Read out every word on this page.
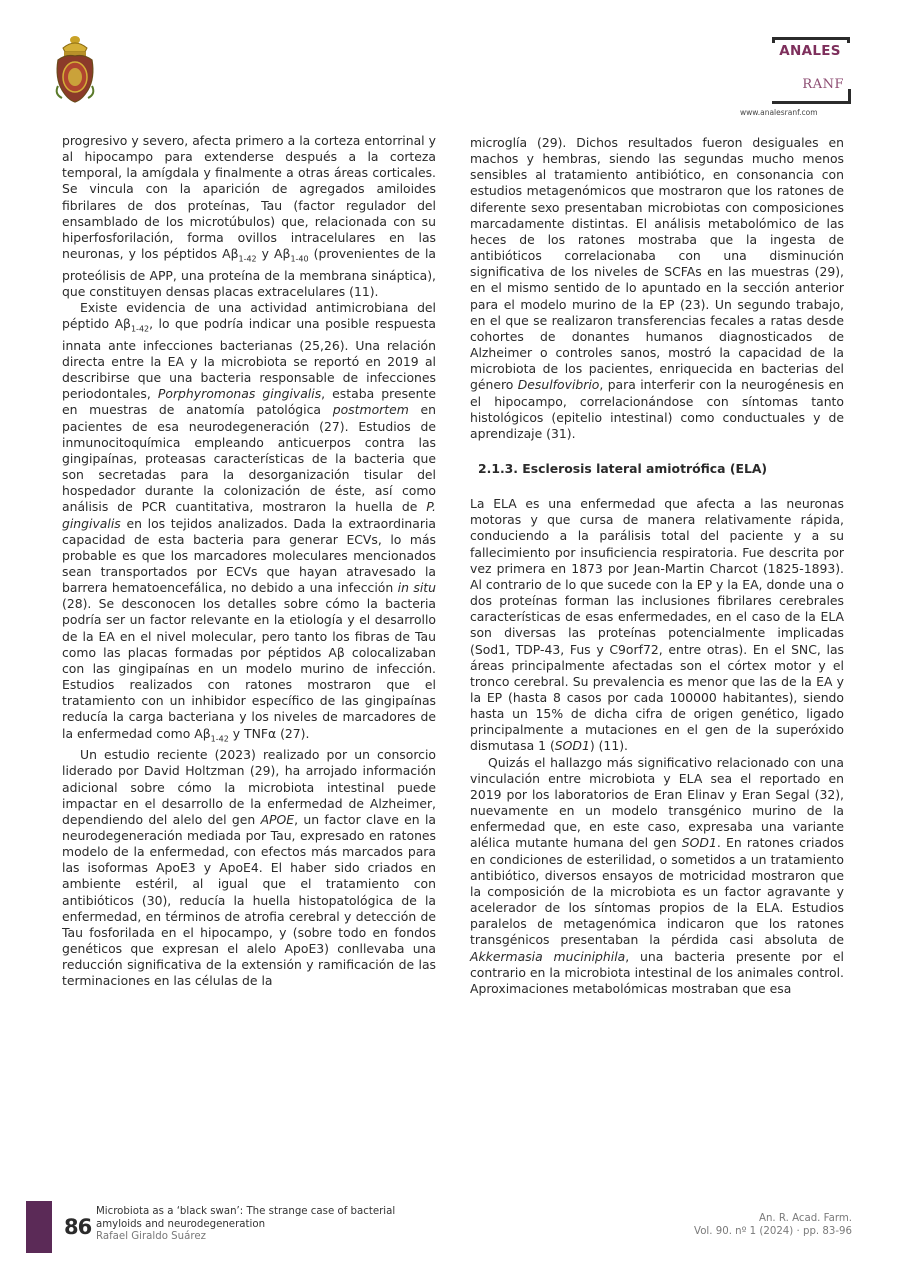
ANALES
RANF
www.analesranf.com

progresivo y severo, afecta primero a la corteza entorrinal y al hipocampo para extenderse después a la corteza temporal, la amígdala y finalmente a otras áreas corticales. Se vincula con la aparición de agregados amiloides fibrilares de dos proteínas, Tau (factor regulador del ensamblado de los microtúbulos) que, relacionada con su hiperfosforilación, forma ovillos intracelulares en las neuronas, y los péptidos $A\beta_{1-42}$ y $A\beta_{1-40}$ (provenientes de la proteólisis de APP, una proteína de la membrana sináptica), que constituyen densas placas extracelulares (11).

Existe evidencia de una actividad antimicrobiana del péptido $A\beta_{1-42}$, lo que podría indicar una posible respuesta innata ante infecciones bacterianas (25,26). Una relación directa entre la EA y la microbiota se reportó en 2019 al describirse que una bacteria responsable de infecciones periodontales, Porphyromonas gingivalis, estaba presente en muestras de anatomía patológica postmortem en pacientes de esa neurodegeneración (27). Estudios de inmunocitoquímica empleando anticuerpos contra las gingipaínas, proteasas características de la bacteria que son secretadas para la desorganización tisular del hospedador durante la colonización de éste, así como análisis de PCR cuantitativa, mostraron la huella de P. gingivalis en los tejidos analizados. Dada la extraordinaria capacidad de esta bacteria para generar ECVs, lo más probable es que los marcadores moleculares mencionados sean transportados por ECVs que hayan atravesado la barrera hematoencefálica, no debido a una infección in situ (28). Se desconocen los detalles sobre cómo la bacteria podría ser un factor relevante en la etiología y el desarrollo de la EA en el nivel molecular, pero tanto los fibras de Tau como las placas formadas por péptidos Aβ colocalizaban con las gingipaínas en un modelo murino de infección. Estudios realizados con ratones mostraron que el tratamiento con un inhibidor específico de las gingipaínas reducía la carga bacteriana y los niveles de marcadores de la enfermedad como $A\beta_{1-42}$ y TNFα (27).

Un estudio reciente (2023) realizado por un consorcio liderado por David Holtzman (29), ha arrojado información adicional sobre cómo la microbiota intestinal puede impactar en el desarrollo de la enfermedad de Alzheimer, dependiendo del alelo del gen APOE, un factor clave en la neurodegeneración mediada por Tau, expresado en ratones modelo de la enfermedad, con efectos más marcados para las isoformas ApoE3 y ApoE4. El haber sido criados en ambiente estéril, al igual que el tratamiento con antibióticos (30), reducía la huella histopatológica de la enfermedad, en términos de atrofia cerebral y detección de Tau fosforilada en el hipocampo, y (sobre todo en fondos genéticos que expresan el alelo ApoE3) conllevaba una reducción significativa de la extensión y ramificación de las terminaciones en las células de la

microglía (29). Dichos resultados fueron desiguales en machos y hembras, siendo las segundas mucho menos sensibles al tratamiento antibiótico, en consonancia con estudios metagenómicos que mostraron que los ratones de diferente sexo presentaban microbiotas con composiciones marcadamente distintas. El análisis metabolómico de las heces de los ratones mostraba que la ingesta de antibióticos correlacionaba con una disminución significativa de los niveles de SCFAs en las muestras (29), en el mismo sentido de lo apuntado en la sección anterior para el modelo murino de la EP (23). Un segundo trabajo, en el que se realizaron transferencias fecales a ratas desde cohortes de donantes humanos diagnosticados de Alzheimer o controles sanos, mostró la capacidad de la microbiota de los pacientes, enriquecida en bacterias del género Desulfovibrio, para interferir con la neurogénesis en el hipocampo, correlacionándose con síntomas tanto histológicos (epitelio intestinal) como conductuales y de aprendizaje (31).

2.1.3. Esclerosis lateral amiotrófica (ELA)

La ELA es una enfermedad que afecta a las neuronas motoras y que cursa de manera relativamente rápida, conduciendo a la parálisis total del paciente y a su fallecimiento por insuficiencia respiratoria. Fue descrita por vez primera en 1873 por Jean-Martin Charcot (1825-1893). Al contrario de lo que sucede con la EP y la EA, donde una o dos proteínas forman las inclusiones fibrilares cerebrales características de esas enfermedades, en el caso de la ELA son diversas las proteínas potencialmente implicadas (Sod1, TDP-43, Fus y C9orf72, entre otras). En el SNC, las áreas principalmente afectadas son el córtex motor y el tronco cerebral. Su prevalencia es menor que las de la EA y la EP (hasta 8 casos por cada 100000 habitantes), siendo hasta un 15% de dicha cifra de origen genético, ligado principalmente a mutaciones en el gen de la superóxido dismutasa 1 (SOD1) (11).

Quizás el hallazgo más significativo relacionado con una vinculación entre microbiota y ELA sea el reportado en 2019 por los laboratorios de Eran Elinav y Eran Segal (32), nuevamente en un modelo transgénico murino de la enfermedad que, en este caso, expresaba una variante alélica mutante humana del gen SOD1. En ratones criados en condiciones de esterilidad, o sometidos a un tratamiento antibiótico, diversos ensayos de motricidad mostraron que la composición de la microbiota es un factor agravante y acelerador de los síntomas propios de la ELA. Estudios paralelos de metagenómica indicaron que los ratones transgénicos presentaban la pérdida casi absoluta de Akkermasia muciniphila, una bacteria presente por el contrario en la microbiota intestinal de los animales control. Aproximaciones metabolómicas mostraban que esa

86
Microbiota as a ‘black swan’: The strange case of bacterial
amyloids and neurodegeneration
Rafael Giraldo Suárez
An. R. Acad. Farm.
Vol. 90. nº 1 (2024) · pp. 83-96
